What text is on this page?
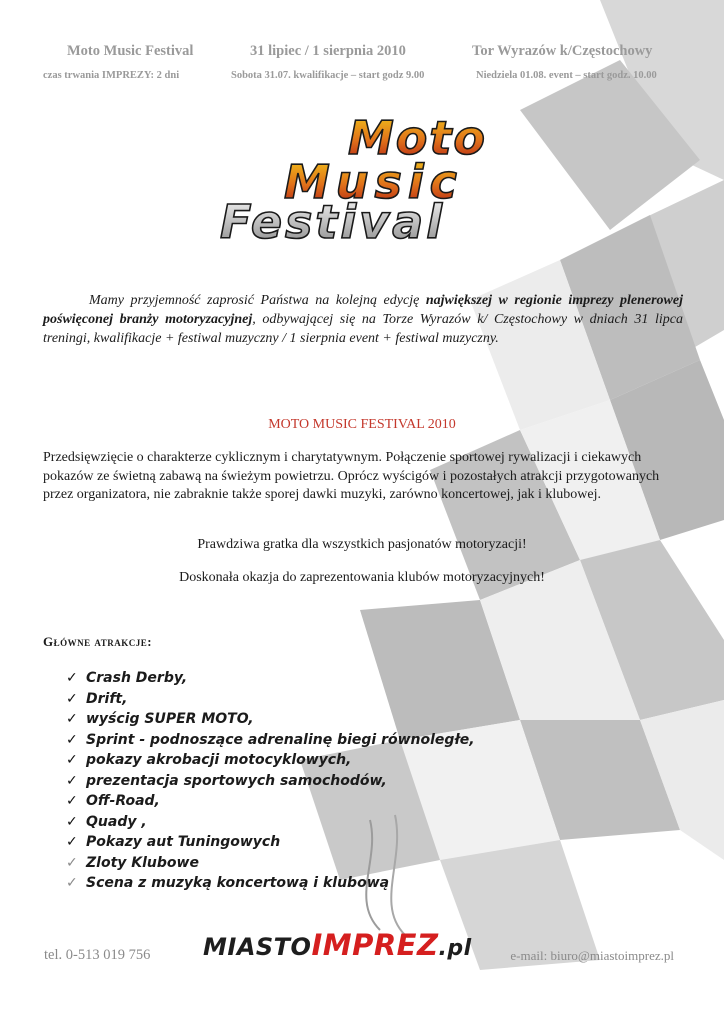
Moto Music Festival	31 lipiec / 1 sierpnia 2010	Tor Wyrazów k/Częstochowy
czas trwania IMPREZY: 2 dni	Sobota 31.07. kwalifikacje – start godz 9.00	Niedziela 01.08. event – start godz. 10.00
Moto
Music
Festival
Mamy przyjemność zaprosić Państwa na kolejną edycję największej w regionie imprezy plenerowej poświęconej branży motoryzacyjnej, odbywającej się na Torze Wyrazów k/ Częstochowy w dniach 31 lipca treningi, kwalifikacje + festiwal muzyczny / 1 sierpnia event + festiwal muzyczny.
MOTO MUSIC FESTIVAL 2010
Przedsięwzięcie o charakterze cyklicznym i charytatywnym. Połączenie sportowej rywalizacji i ciekawych pokazów ze świetną zabawą na świeżym powietrzu. Oprócz wyścigów i pozostałych atrakcji przygotowanych przez organizatora, nie zabraknie także sporej dawki muzyki, zarówno koncertowej, jak i klubowej.
Prawdziwa gratka dla wszystkich pasjonatów motoryzacji!
Doskonała okazja do zaprezentowania klubów motoryzacyjnych!
Główne atrakcje:
✓ Crash Derby,
✓ Drift,
✓ wyścig SUPER MOTO,
✓ Sprint - podnoszące adrenalinę biegi równoległe,
✓ pokazy akrobacji motocyklowych,
✓ prezentacja sportowych samochodów,
✓ Off-Road,
✓ Quady ,
✓ Pokazy aut Tuningowych
✓ Zloty Klubowe
✓ Scena z muzyką koncertową i klubową
tel. 0-513 019 756 MIASTOIMPREZ.pl	e-mail: biuro@miastoimprez.pl
